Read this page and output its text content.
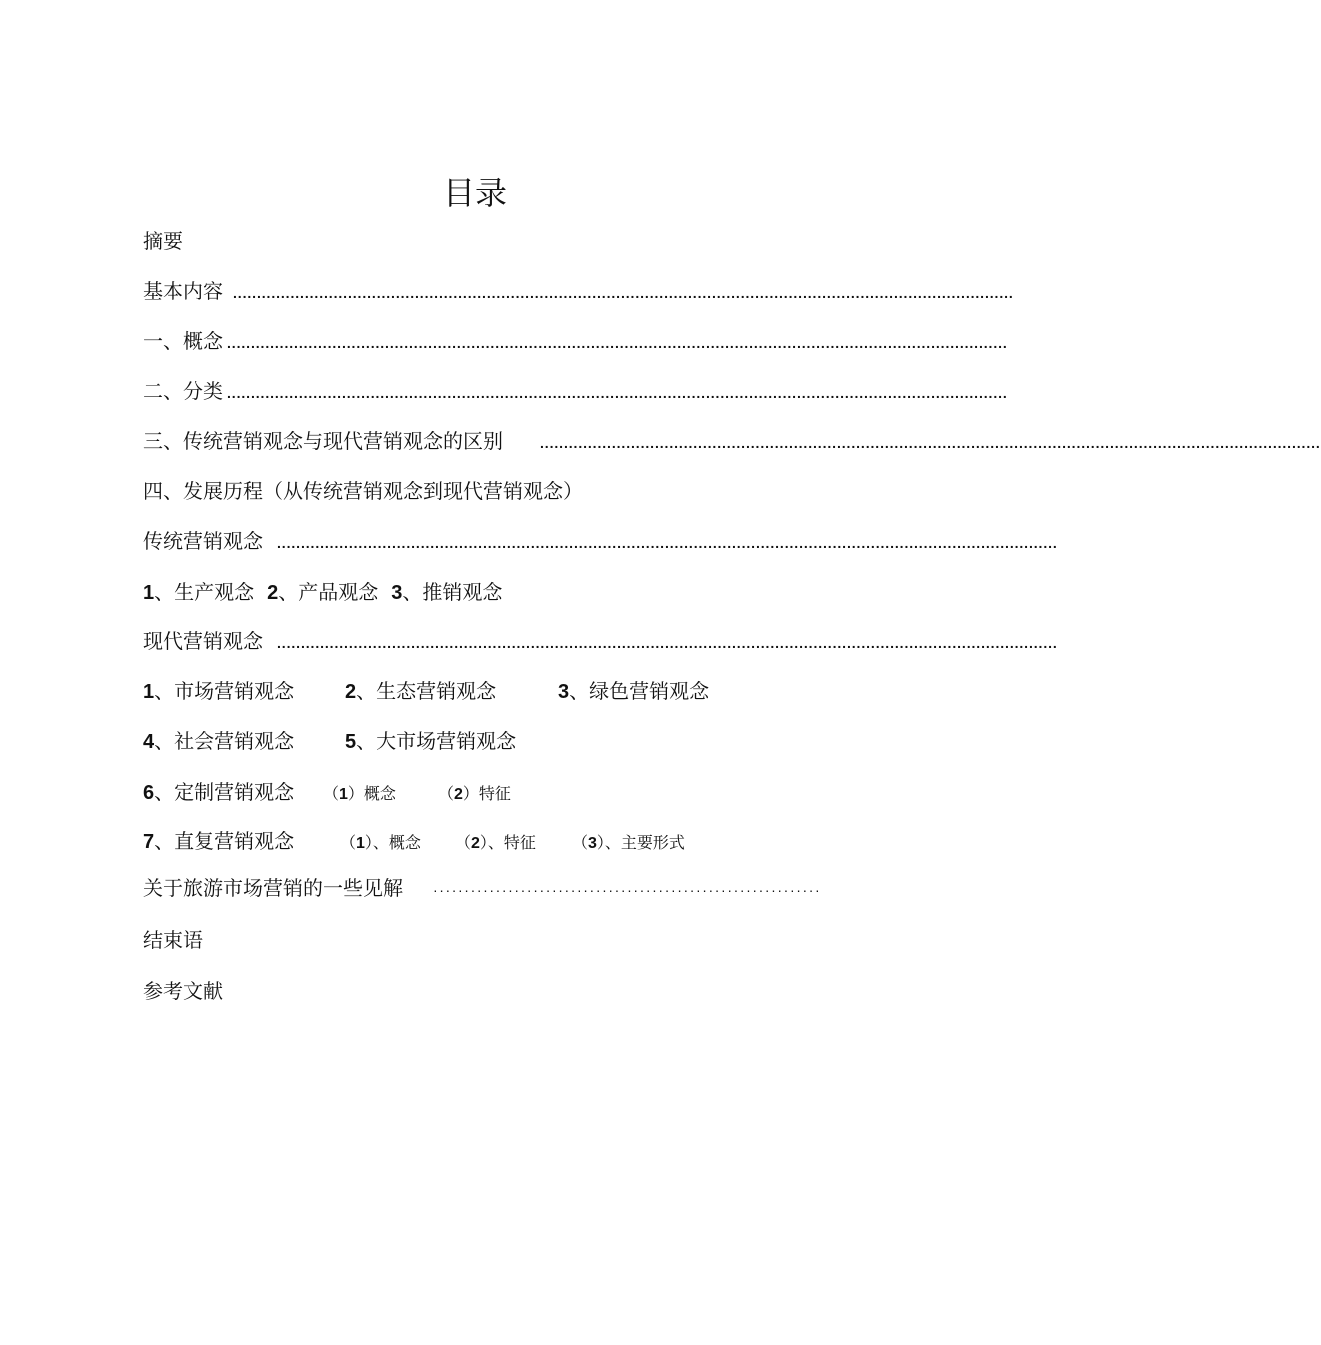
目录
摘要
基本内容 ...................................................................................................................................................................
一、概念 ...................................................................................................................................................................
二、分类 ...................................................................................................................................................................
三、传统营销观念与现代营销观念的区别	...................................................................................................................................................................
四、发展历程（从传统营销观念到现代营销观念）
传统营销观念 ...................................................................................................................................................................
1、生产观念 2、产品观念 3、推销观念
现代营销观念 ...................................................................................................................................................................
1、市场营销观念	2、生态营销观念	3、绿色营销观念
4、社会营销观念	5、大市场营销观念
6、定制营销观念	（1）概念	（2）特征
7、直复营销观念	（1）、概念	（2）、特征	（3）、主要形式
关于旅游市场营销的一些见解 ······························································
结束语
参考文献
